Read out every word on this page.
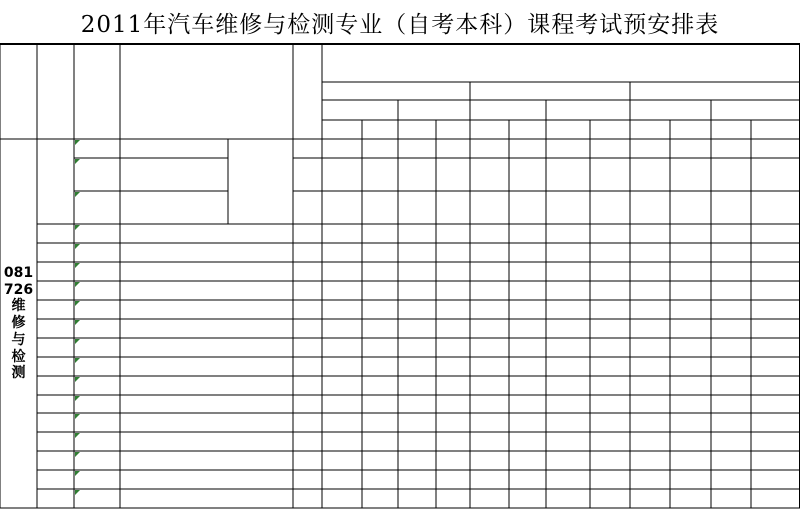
2011年汽车维修与检测专业（自考本科）课程考试预安排表
081
726
维
修
与
检
测
